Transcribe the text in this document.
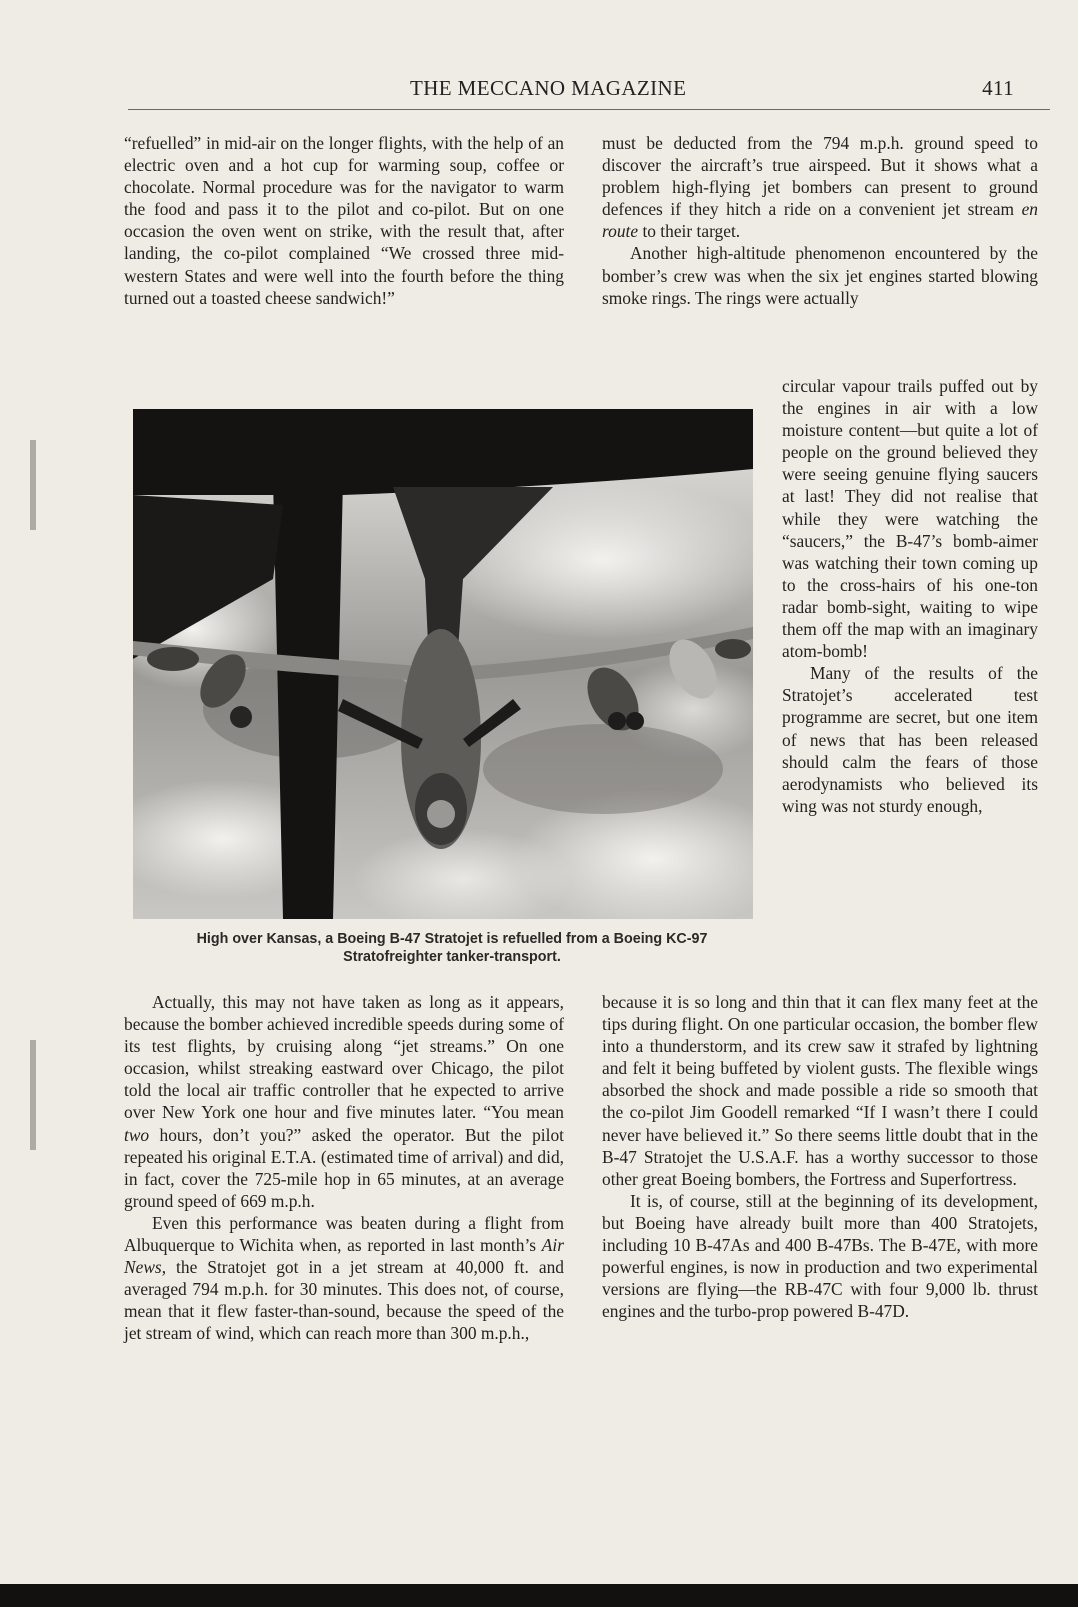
THE MECCANO MAGAZINE	411

“refuelled” in mid-air on the longer flights, with the help of an electric oven and a hot cup for warming soup, coffee or chocolate. Normal procedure was for the navigator to warm the food and pass it to the pilot and co-pilot. But on one occasion the oven went on strike, with the result that, after landing, the co-pilot complained “We crossed three mid-western States and were well into the fourth before the thing turned out a toasted cheese sandwich!”

must be deducted from the 794 m.p.h. ground speed to discover the aircraft’s true airspeed. But it shows what a problem high-flying jet bombers can present to ground defences if they hitch a ride on a convenient jet stream en route to their target.

Another high-altitude phenomenon encountered by the bomber’s crew was when the six jet engines started blowing smoke rings. The rings were actually

circular vapour trails puffed out by the engines in air with a low moisture content—but quite a lot of people on the ground believed they were seeing genuine flying saucers at last! They did not realise that while they were watching the “saucers,” the B-47’s bomb-aimer was watching their town coming up to the cross-hairs of his one-ton radar bomb-sight, waiting to wipe them off the map with an imaginary atom-bomb!

Many of the results of the Stratojet’s accelerated test programme are secret, but one item of news that has been released should calm the fears of those aerodynamists who believed its wing was not sturdy enough,

High over Kansas, a Boeing B-47 Stratojet is refuelled from a Boeing KC-97

Stratofreighter tanker-transport.

Actually, this may not have taken as long as it appears, because the bomber achieved incredible speeds during some of its test flights, by cruising along “jet streams.” On one occasion, whilst streaking eastward over Chicago, the pilot told the local air traffic controller that he expected to arrive over New York one hour and five minutes later. “You mean two hours, don’t you?” asked the operator. But the pilot repeated his original E.T.A. (estimated time of arrival) and did, in fact, cover the 725-mile hop in 65 minutes, at an average ground speed of 669 m.p.h.

Even this performance was beaten during a flight from Albuquerque to Wichita when, as reported in last month’s Air News, the Stratojet got in a jet stream at 40,000 ft. and averaged 794 m.p.h. for 30 minutes. This does not, of course, mean that it flew faster-than-sound, because the speed of the jet stream of wind, which can reach more than 300 m.p.h.,

because it is so long and thin that it can flex many feet at the tips during flight. On one particular occasion, the bomber flew into a thunderstorm, and its crew saw it strafed by lightning and felt it being buffeted by violent gusts. The flexible wings absorbed the shock and made possible a ride so smooth that the co-pilot Jim Goodell remarked “If I wasn’t there I could never have believed it.” So there seems little doubt that in the B-47 Stratojet the U.S.A.F. has a worthy successor to those other great Boeing bombers, the Fortress and Superfortress.

It is, of course, still at the beginning of its development, but Boeing have already built more than 400 Stratojets, including 10 B-47As and 400 B-47Bs. The B-47E, with more powerful engines, is now in production and two experimental versions are flying—the RB-47C with four 9,000 lb. thrust engines and the turbo-prop powered B-47D.
